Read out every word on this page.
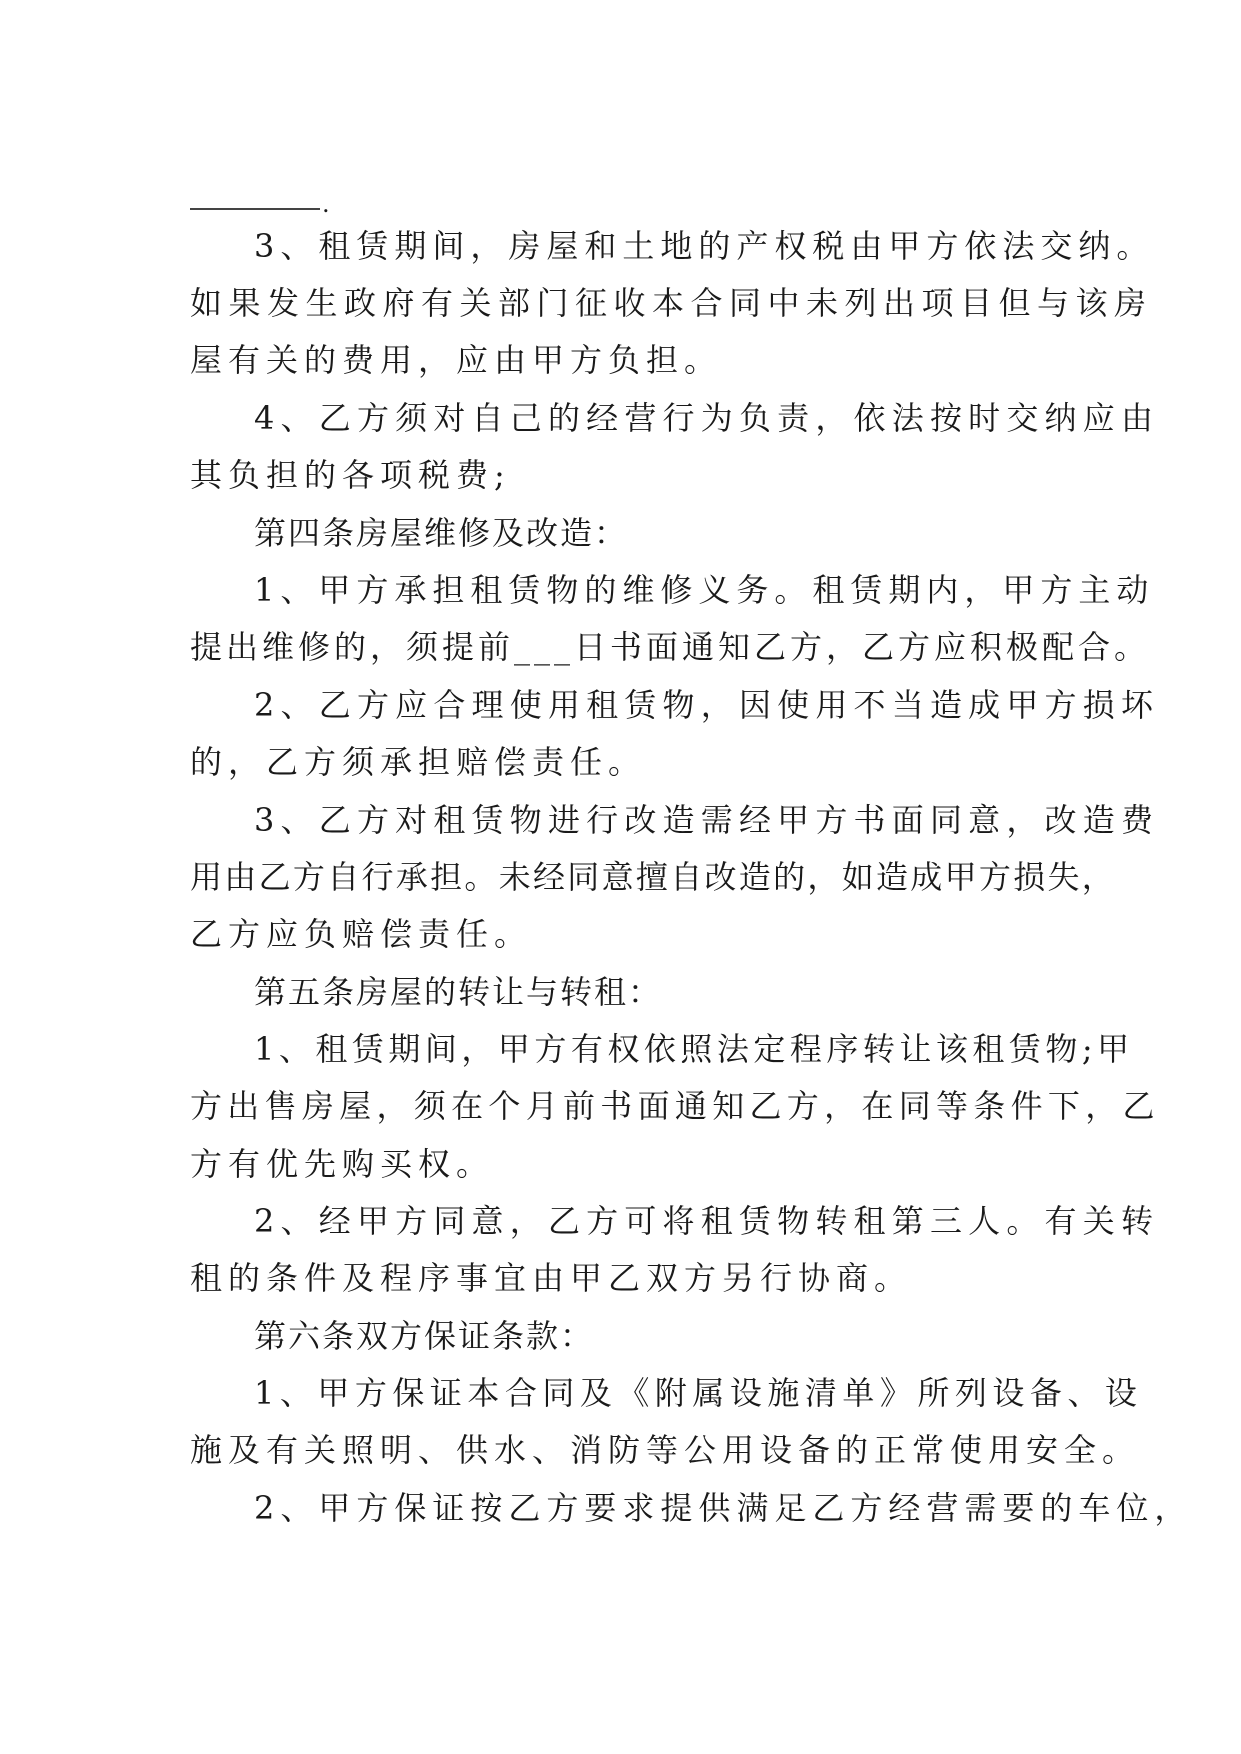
.
3、租赁期间，房屋和土地的产权税由甲方依法交纳。
如果发生政府有关部门征收本合同中未列出项目但与该房
屋有关的费用，应由甲方负担。
4、乙方须对自己的经营行为负责，依法按时交纳应由
其负担的各项税费;
第四条房屋维修及改造：
1、甲方承担租赁物的维修义务。租赁期内，甲方主动
提出维修的，须提前___日书面通知乙方，乙方应积极配合。
2、乙方应合理使用租赁物，因使用不当造成甲方损坏
的，乙方须承担赔偿责任。
3、乙方对租赁物进行改造需经甲方书面同意，改造费
用由乙方自行承担。未经同意擅自改造的，如造成甲方损失，
乙方应负赔偿责任。
第五条房屋的转让与转租：
1、租赁期间，甲方有权依照法定程序转让该租赁物;甲
方出售房屋，须在个月前书面通知乙方，在同等条件下，乙
方有优先购买权。
2、经甲方同意，乙方可将租赁物转租第三人。有关转
租的条件及程序事宜由甲乙双方另行协商。
第六条双方保证条款：
1、甲方保证本合同及《附属设施清单》所列设备、设
施及有关照明、供水、消防等公用设备的正常使用安全。
2、甲方保证按乙方要求提供满足乙方经营需要的车位，
